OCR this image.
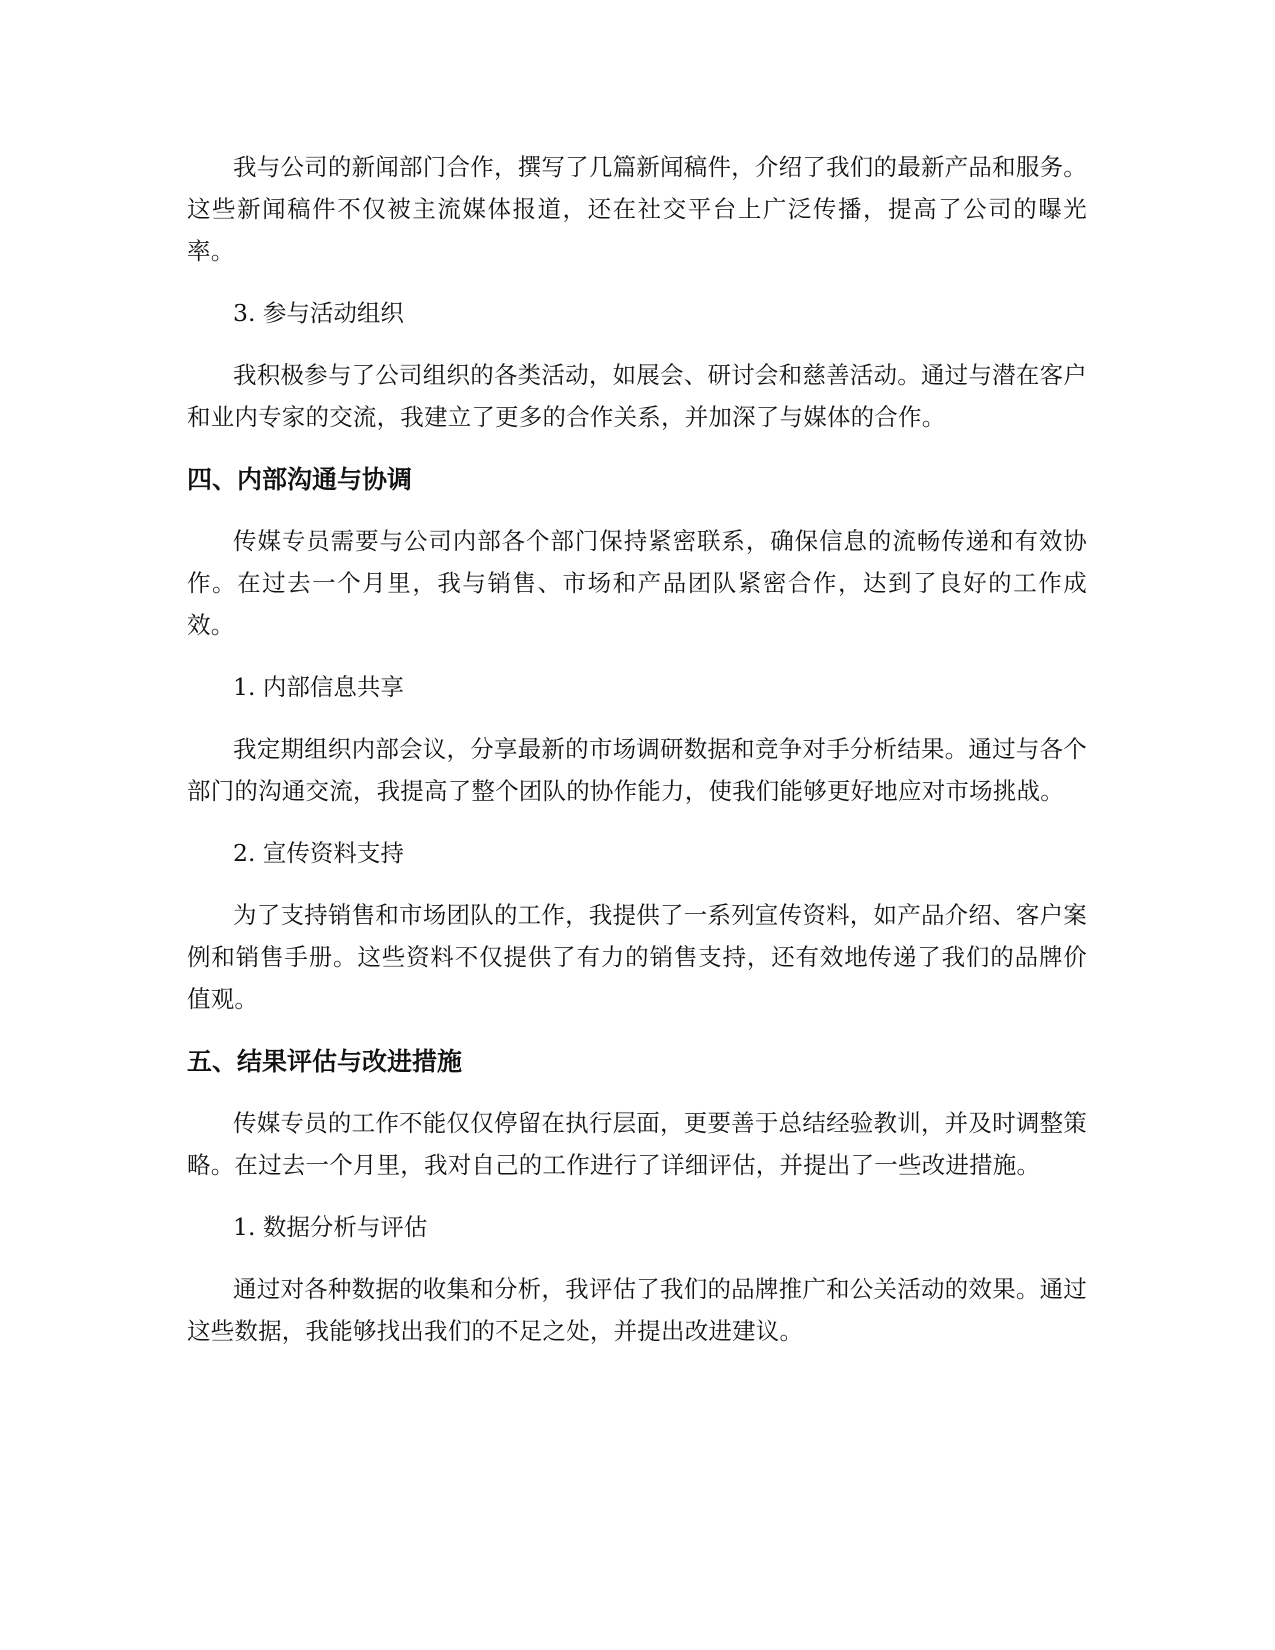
我与公司的新闻部门合作，撰写了几篇新闻稿件，介绍了我们的最新产品和服务。这些新闻稿件不仅被主流媒体报道，还在社交平台上广泛传播，提高了公司的曝光率。

3. 参与活动组织

我积极参与了公司组织的各类活动，如展会、研讨会和慈善活动。通过与潜在客户和业内专家的交流，我建立了更多的合作关系，并加深了与媒体的合作。

四、内部沟通与协调

传媒专员需要与公司内部各个部门保持紧密联系，确保信息的流畅传递和有效协作。在过去一个月里，我与销售、市场和产品团队紧密合作，达到了良好的工作成效。

1. 内部信息共享

我定期组织内部会议，分享最新的市场调研数据和竞争对手分析结果。通过与各个部门的沟通交流，我提高了整个团队的协作能力，使我们能够更好地应对市场挑战。

2. 宣传资料支持

为了支持销售和市场团队的工作，我提供了一系列宣传资料，如产品介绍、客户案例和销售手册。这些资料不仅提供了有力的销售支持，还有效地传递了我们的品牌价值观。

五、结果评估与改进措施

传媒专员的工作不能仅仅停留在执行层面，更要善于总结经验教训，并及时调整策略。在过去一个月里，我对自己的工作进行了详细评估，并提出了一些改进措施。

1. 数据分析与评估

通过对各种数据的收集和分析，我评估了我们的品牌推广和公关活动的效果。通过这些数据，我能够找出我们的不足之处，并提出改进建议。
